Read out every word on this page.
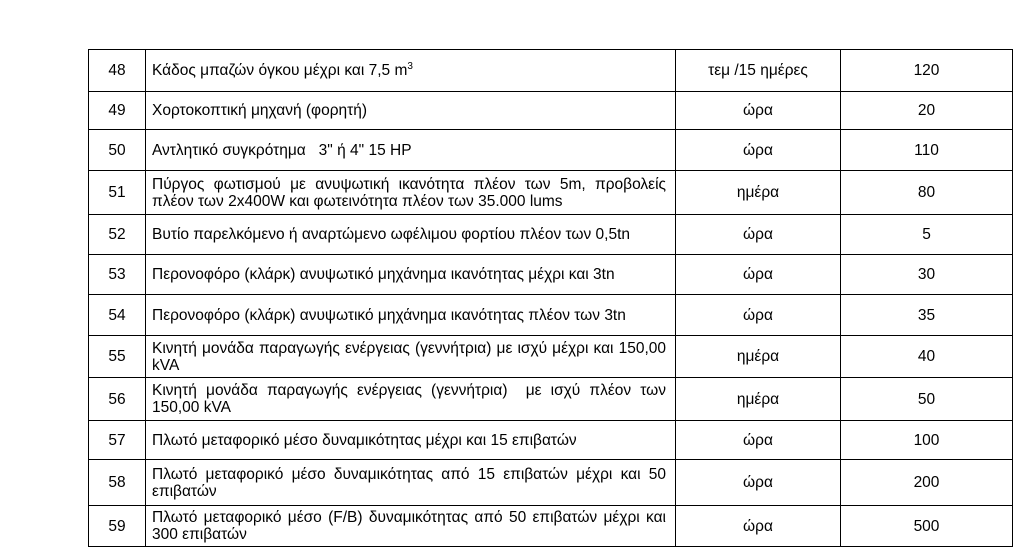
48	Κάδος μπαζών όγκου μέχρι και 7,5 $m^3$	τεμ /15 ημέρες	120
49	Χορτοκοπτική μηχανή (φορητή)	ώρα	20
50	Αντλητικό συγκρότημα   3" ή 4" 15 HP	ώρα	110
51	Πύργος φωτισμού με ανυψωτική ικανότητα πλέον των 5m, προβολείς πλέον των 2x400W και φωτεινότητα πλέον των 35.000 lums	ημέρα	80
52	Βυτίο παρελκόμενο ή αναρτώμενο ωφέλιμου φορτίου πλέον των 0,5tn	ώρα	5
53	Περονοφόρο (κλάρκ) ανυψωτικό μηχάνημα ικανότητας μέχρι και 3tn	ώρα	30
54	Περονοφόρο (κλάρκ) ανυψωτικό μηχάνημα ικανότητας πλέον των 3tn	ώρα	35
55	Κινητή μονάδα παραγωγής ενέργειας (γεννήτρια) με ισχύ μέχρι και 150,00 kVA	ημέρα	40
56	Κινητή μονάδα παραγωγής ενέργειας (γεννήτρια)  με ισχύ πλέον των 150,00 kVA	ημέρα	50
57	Πλωτό μεταφορικό μέσο δυναμικότητας μέχρι και 15 επιβατών	ώρα	100
58	Πλωτό μεταφορικό μέσο δυναμικότητας από 15 επιβατών μέχρι και 50 επιβατών	ώρα	200
59	Πλωτό μεταφορικό μέσο (F/B) δυναμικότητας από 50 επιβατών μέχρι και 300 επιβατών	ώρα	500
